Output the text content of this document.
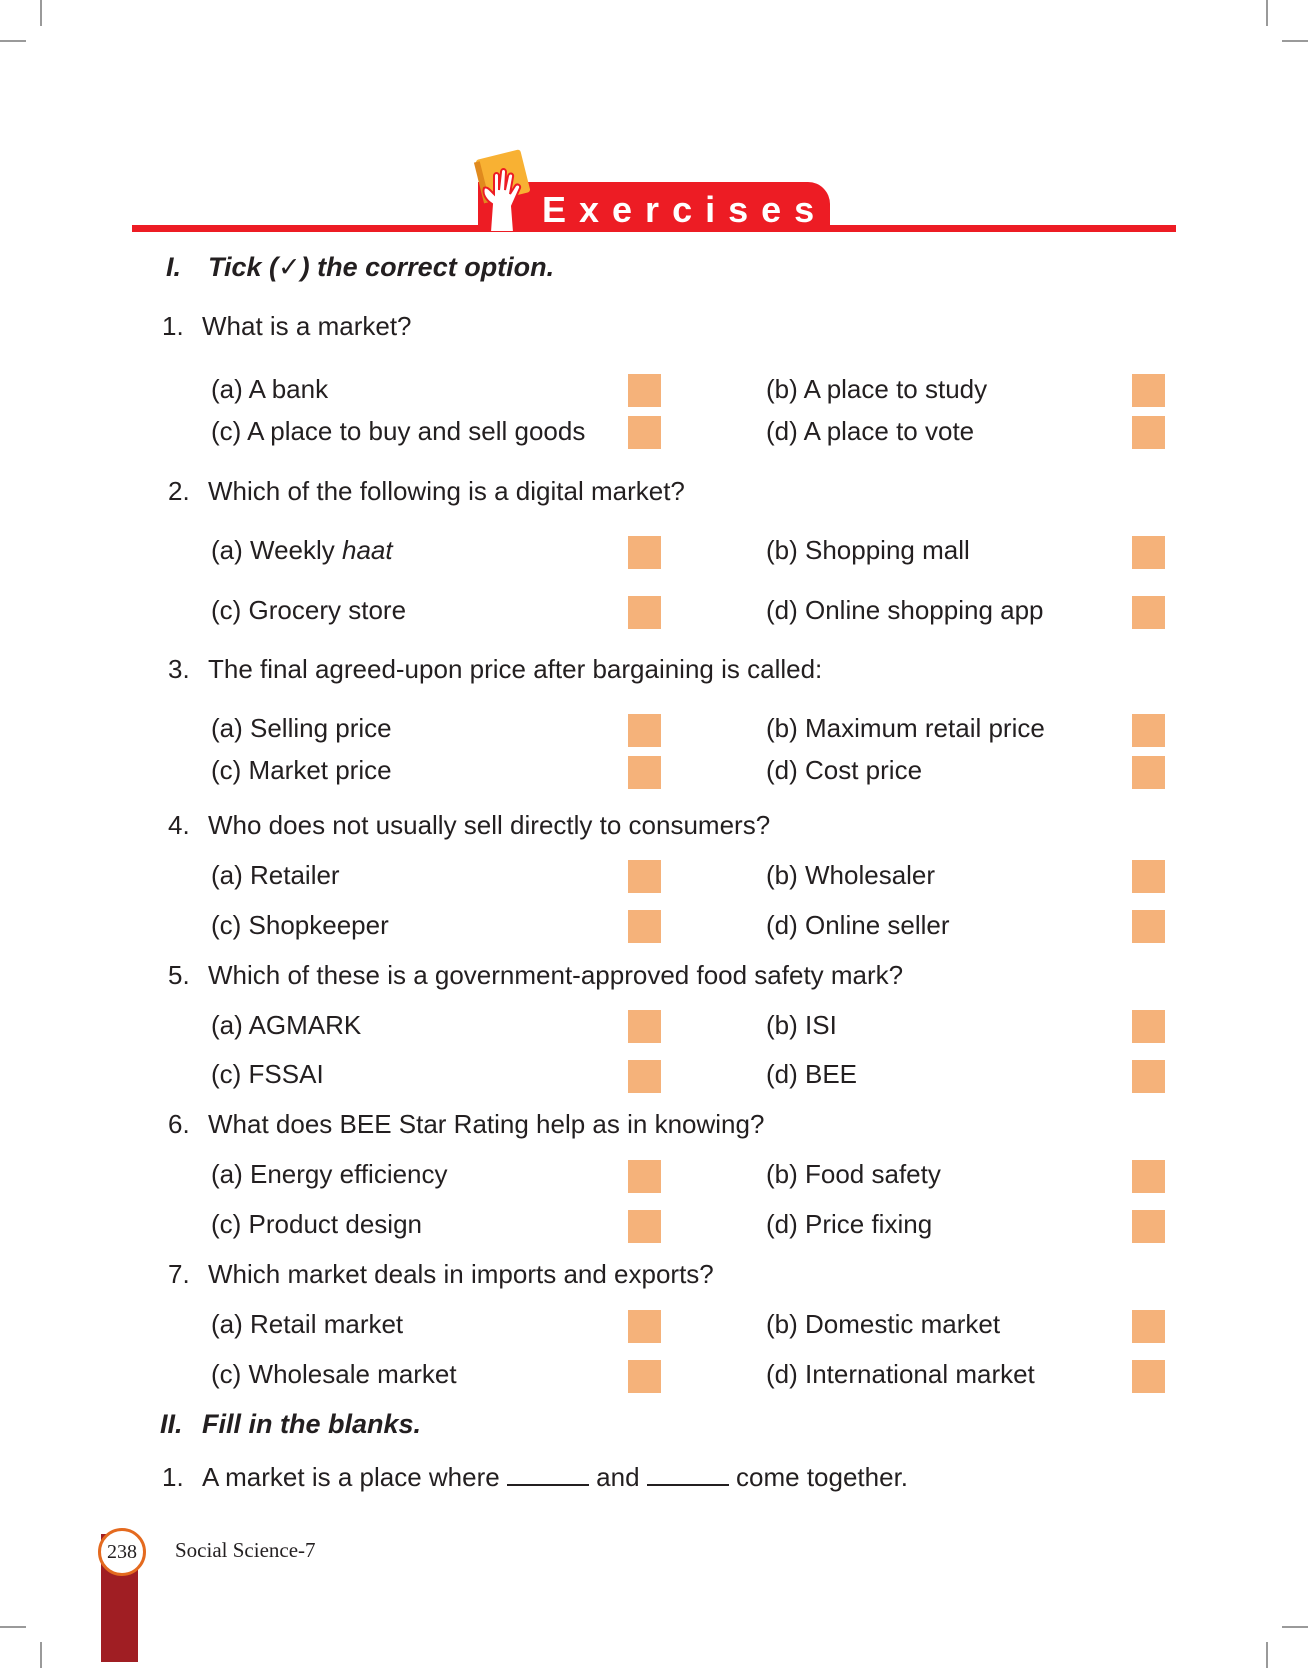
Exercises
I. Tick (✓) the correct option.
1. What is a market?
(a) A bank	(b) A place to study
(c) A place to buy and sell goods	(d) A place to vote
2. Which of the following is a digital market?
(a) Weekly haat	(b) Shopping mall
(c) Grocery store	(d) Online shopping app
3. The final agreed-upon price after bargaining is called:
(a) Selling price	(b) Maximum retail price
(c) Market price	(d) Cost price
4. Who does not usually sell directly to consumers?
(a) Retailer	(b) Wholesaler
(c) Shopkeeper	(d) Online seller
5. Which of these is a government-approved food safety mark?
(a) AGMARK	(b) ISI
(c) FSSAI	(d) BEE
6. What does BEE Star Rating help as in knowing?
(a) Energy efficiency	(b) Food safety
(c) Product design	(d) Price fixing
7. Which market deals in imports and exports?
(a) Retail market	(b) Domestic market
(c) Wholesale market	(d) International market
II. Fill in the blanks.
1. A market is a place where	and	come together.
238	Social Science-7
